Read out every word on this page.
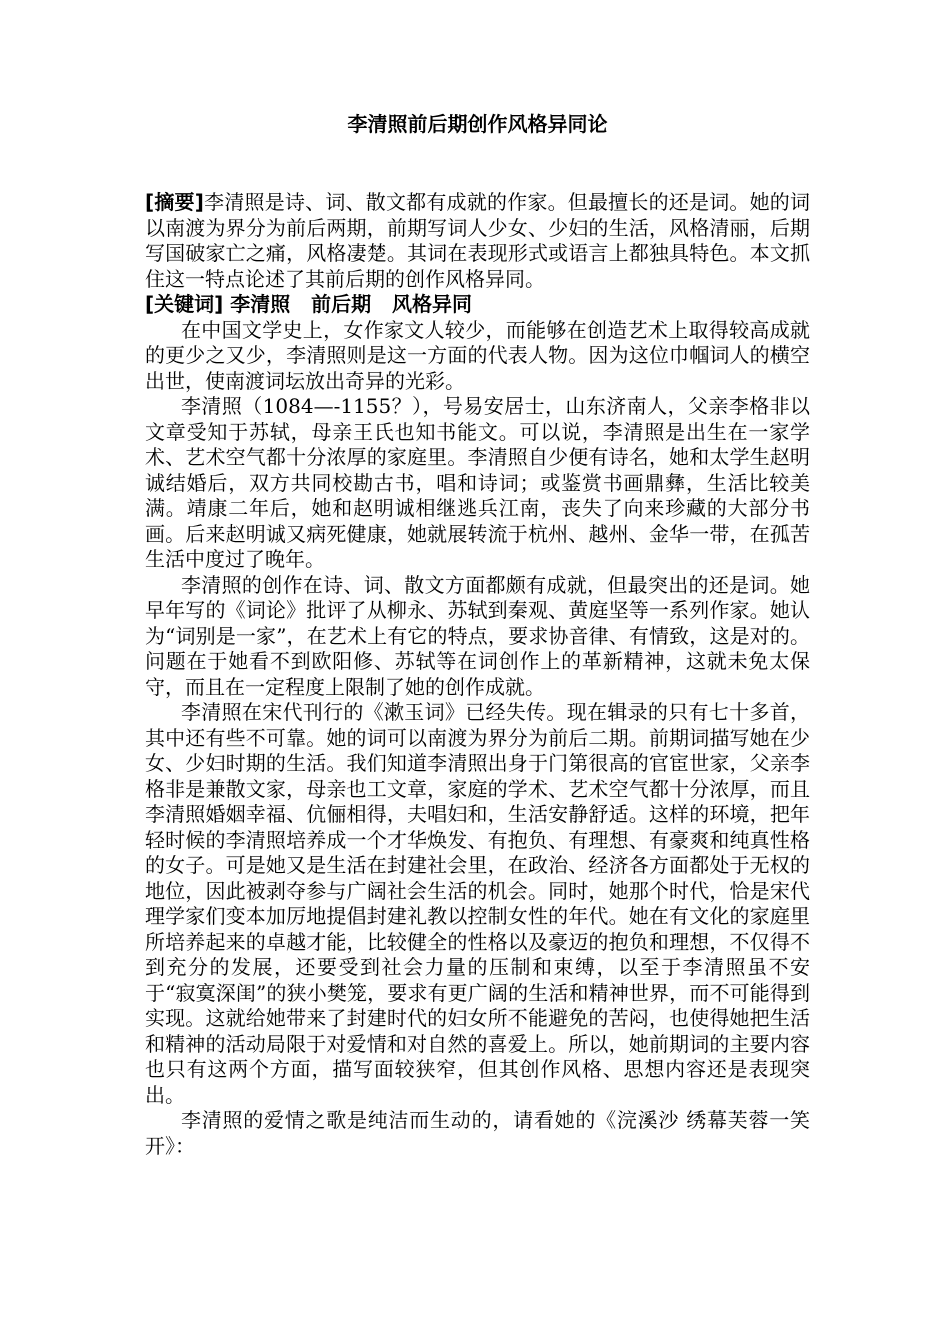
李清照前后期创作风格异同论

[摘要]李清照是诗、词、散文都有成就的作家。但最擅长的还是词。她的词以南渡为界分为前后两期，前期写词人少女、少妇的生活，风格清丽，后期写国破家亡之痛，风格凄楚。其词在表现形式或语言上都独具特色。本文抓住这一特点论述了其前后期的创作风格异同。

[关键词] 李清照   前后期   风格异同

在中国文学史上，女作家文人较少，而能够在创造艺术上取得较高成就的更少之又少，李清照则是这一方面的代表人物。因为这位巾帼词人的横空出世，使南渡词坛放出奇异的光彩。

李清照（1084—-1155？），号易安居士，山东济南人，父亲李格非以文章受知于苏轼，母亲王氏也知书能文。可以说，李清照是出生在一家学术、艺术空气都十分浓厚的家庭里。李清照自少便有诗名，她和太学生赵明诚结婚后，双方共同校勘古书，唱和诗词；或鉴赏书画鼎彝，生活比较美满。靖康二年后，她和赵明诚相继逃兵江南，丧失了向来珍藏的大部分书画。后来赵明诚又病死健康，她就展转流于杭州、越州、金华一带，在孤苦生活中度过了晚年。

李清照的创作在诗、词、散文方面都颇有成就，但最突出的还是词。她早年写的《词论》批评了从柳永、苏轼到秦观、黄庭坚等一系列作家。她认为“词别是一家”，在艺术上有它的特点，要求协音律、有情致，这是对的。问题在于她看不到欧阳修、苏轼等在词创作上的革新精神，这就未免太保守，而且在一定程度上限制了她的创作成就。

李清照在宋代刊行的《漱玉词》已经失传。现在辑录的只有七十多首，其中还有些不可靠。她的词可以南渡为界分为前后二期。前期词描写她在少女、少妇时期的生活。我们知道李清照出身于门第很高的官宦世家，父亲李格非是兼散文家，母亲也工文章，家庭的学术、艺术空气都十分浓厚，而且李清照婚姻幸福、伉俪相得，夫唱妇和，生活安静舒适。这样的环境，把年轻时候的李清照培养成一个才华焕发、有抱负、有理想、有豪爽和纯真性格的女子。可是她又是生活在封建社会里，在政治、经济各方面都处于无权的地位，因此被剥夺参与广阔社会生活的机会。同时，她那个时代，恰是宋代理学家们变本加厉地提倡封建礼教以控制女性的年代。她在有文化的家庭里所培养起来的卓越才能，比较健全的性格以及豪迈的抱负和理想，不仅得不到充分的发展，还要受到社会力量的压制和束缚，以至于李清照虽不安于“寂寞深闺”的狭小樊笼，要求有更广阔的生活和精神世界，而不可能得到实现。这就给她带来了封建时代的妇女所不能避免的苦闷，也使得她把生活和精神的活动局限于对爱情和对自然的喜爱上。所以，她前期词的主要内容也只有这两个方面，描写面较狭窄，但其创作风格、思想内容还是表现突出。

李清照的爱情之歌是纯洁而生动的，请看她的《浣溪沙 绣幕芙蓉一笑开》：
